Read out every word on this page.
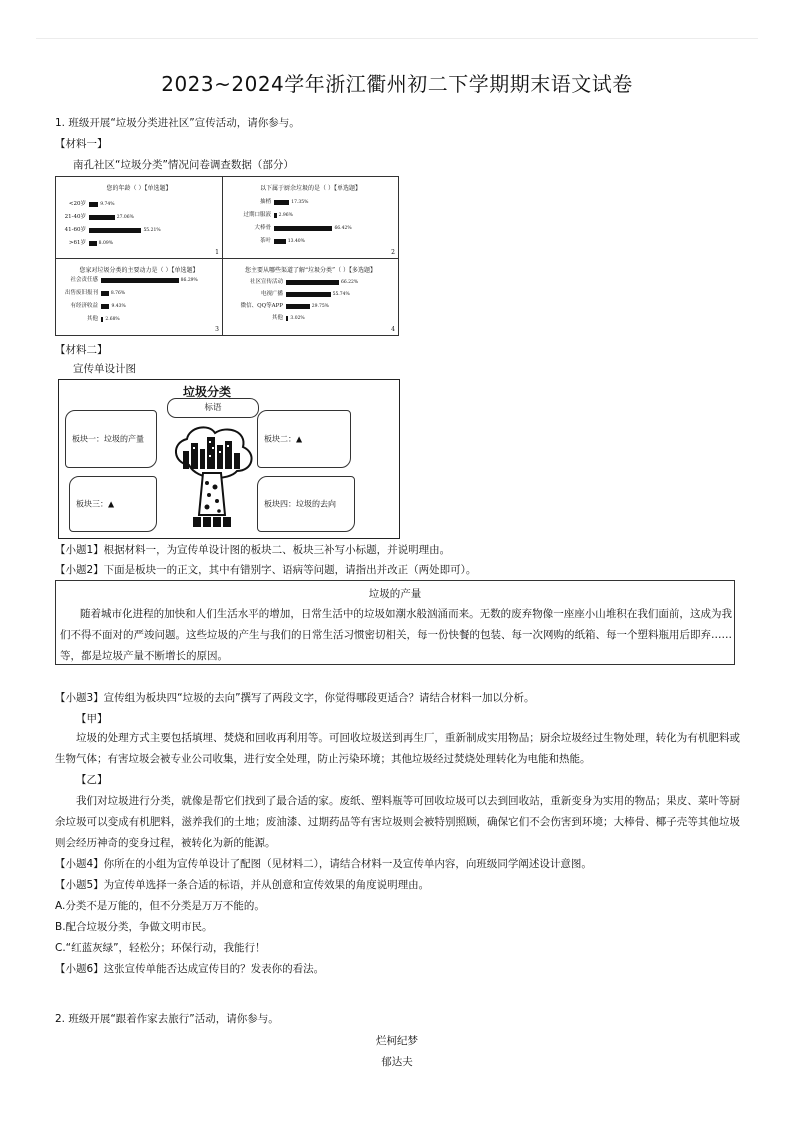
2023~2024学年浙江衢州初二下学期期末语文试卷
1. 班级开展“垃圾分类进社区”宣传活动，请你参与。
【材料一】
南孔社区“垃圾分类”情况问卷调查数据（部分）
您的年龄（ ）【单选题】
1
<20岁	9.74%
21-40岁	27.06%
41-60岁	55.21%
>61岁	8.09%
以下属于厨余垃圾的是（ ）【单选题】
2
抽梢	17.35%
过期口服液 2.96%
大棒骨	66.42%
茶叶	13.40%
您家对垃圾分类的主要动力是（ ）【单选题】
3
社会责任感	86.29%
出售废旧报刊	8.76%
有经济收益	9.43%
其他 2.68%
您主要从哪些渠道了解“垃圾分类”（ ）【多选题】
4
社区宣传活动	66.22%
电视广播	55.74%
微信、QQ等APP	29.75%
其他 3.02%
【材料二】
宣传单设计图
垃圾分类
标语
板块一：垃圾的产量	板块二：▲
板块三：▲	板块四：垃圾的去向
【小题1】根据材料一，为宣传单设计图的板块二、板块三补写小标题，并说明理由。
【小题2】下面是板块一的正文，其中有错别字、语病等问题，请指出并改正（两处即可）。
垃圾的产量
随着城市化进程的加快和人们生活水平的增加，日常生活中的垃圾如潮水般汹涌而来。无数的废弃物像一座座小山堆积在我们面前，这成为我们不得不面对的严竣问题。这些垃圾的产生与我们的日常生活习惯密切相关，每一份快餐的包装、每一次网购的纸箱、每一个塑料瓶用后即弃……等，都是垃圾产量不断增长的原因。
【小题3】宣传组为板块四“垃圾的去向”撰写了两段文字，你觉得哪段更适合？请结合材料一加以分析。
【甲】
垃圾的处理方式主要包括填埋、焚烧和回收再利用等。可回收垃圾送到再生厂，重新制成实用物品；厨余垃圾经过生物处理，转化为有机肥料或生物气体；有害垃圾会被专业公司收集，进行安全处理，防止污染环境；其他垃圾经过焚烧处理转化为电能和热能。
【乙】
我们对垃圾进行分类，就像是帮它们找到了最合适的家。废纸、塑料瓶等可回收垃圾可以去到回收站，重新变身为实用的物品；果皮、菜叶等厨余垃圾可以变成有机肥料，滋养我们的土地；废油漆、过期药品等有害垃圾则会被特别照顾，确保它们不会伤害到环境；大棒骨、椰子壳等其他垃圾则会经历神奇的变身过程，被转化为新的能源。
【小题4】你所在的小组为宣传单设计了配图（见材料二），请结合材料一及宣传单内容，向班级同学阐述设计意图。
【小题5】为宣传单选择一条合适的标语，并从创意和宣传效果的角度说明理由。
A.分类不是万能的，但不分类是万万不能的。
B.配合垃圾分类，争做文明市民。
C.“红蓝灰绿”，轻松分；环保行动，我能行！
【小题6】这张宣传单能否达成宣传目的？发表你的看法。
2. 班级开展“跟着作家去旅行”活动，请你参与。
烂柯纪梦
郁达夫
